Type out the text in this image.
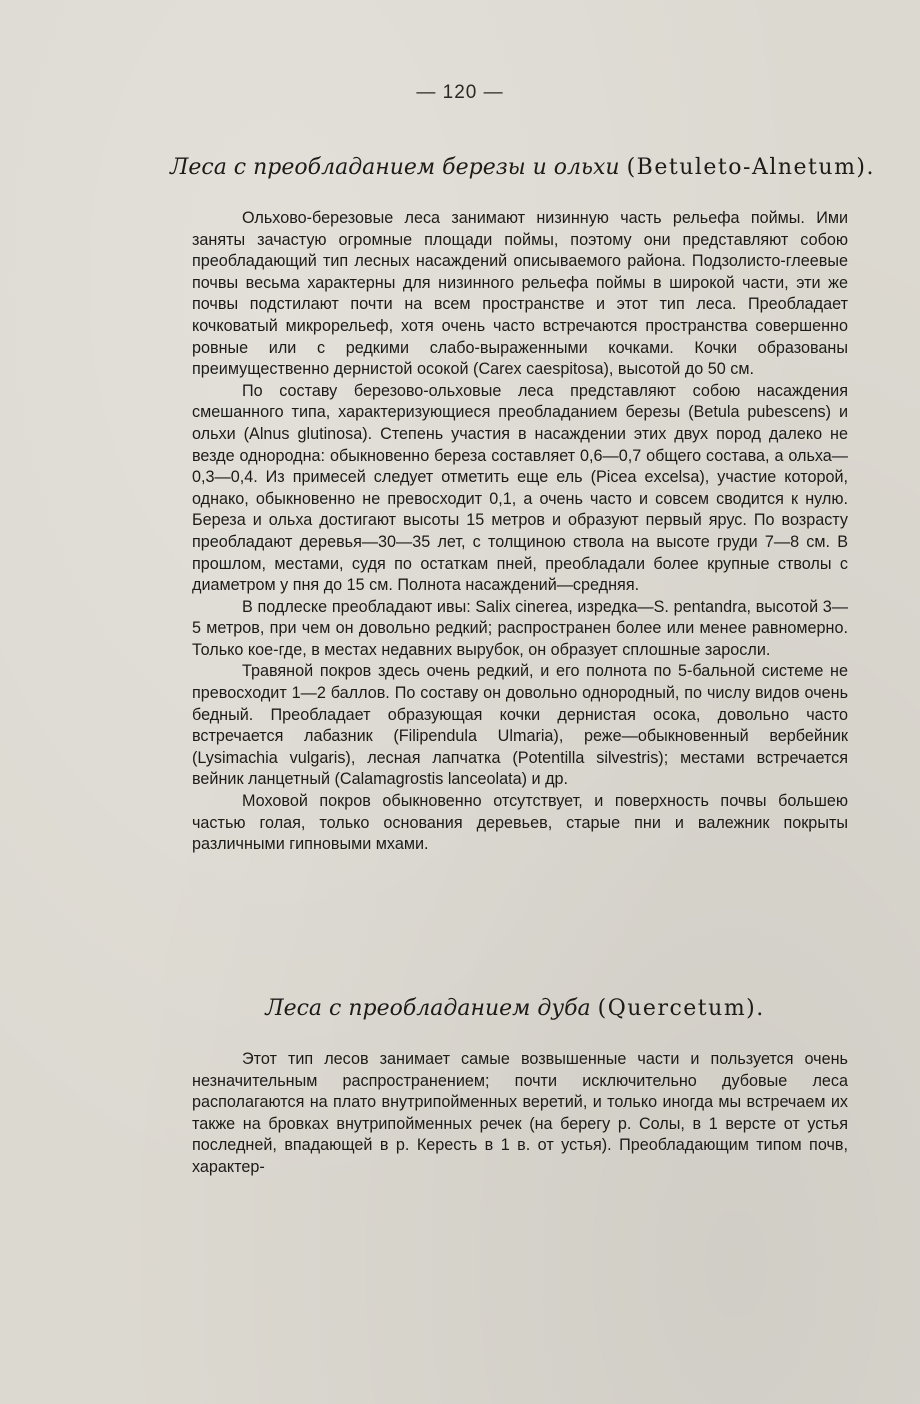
— 120 —
Леса с преобладанием березы и ольхи (Betuleto-Alnetum).

Ольхово-березовые леса занимают низинную часть рельефа поймы. Ими заняты зачастую огромные площади поймы, поэтому они представляют собою преобладающий тип лесных насаждений описываемого района. Подзолисто-глеевые почвы весьма характерны для низинного рельефа поймы в широкой части, эти же почвы подстилают почти на всем пространстве и этот тип леса. Преобладает кочковатый микрорельеф, хотя очень часто встречаются пространства совершенно ровные или с редкими слабо-выраженными кочками. Кочки образованы преимущественно дернистой осокой (Carex caespitosa), высотой до 50 см.

По составу березово-ольховые леса представляют собою насаждения смешанного типа, характеризующиеся преобладанием березы (Betula pubescens) и ольхи (Alnus glutinosa). Степень участия в насаждении этих двух пород далеко не везде однородна: обыкновенно береза составляет 0,6—0,7 общего состава, а ольха—0,3—0,4. Из примесей следует отметить еще ель (Picea excelsa), участие которой, однако, обыкновенно не превосходит 0,1, а очень часто и совсем сводится к нулю. Береза и ольха достигают высоты 15 метров и образуют первый ярус. По возрасту преобладают деревья—30—35 лет, с толщиною ствола на высоте груди 7—8 см. В прошлом, местами, судя по остаткам пней, преобладали более крупные стволы с диаметром у пня до 15 см. Полнота насаждений—средняя.

В подлеске преобладают ивы: Salix cinerea, изредка—S. pentandra, высотой 3—5 метров, при чем он довольно редкий; распространен более или менее равномерно. Только кое-где, в местах недавних вырубок, он образует сплошные заросли.

Травяной покров здесь очень редкий, и его полнота по 5-бальной системе не превосходит 1—2 баллов. По составу он довольно однородный, по числу видов очень бедный. Преобладает образующая кочки дернистая осока, довольно часто встречается лабазник (Filipendula Ulmaria), реже—обыкновенный вербейник (Lysimachia vulgaris), лесная лапчатка (Potentilla silvestris); местами встречается вейник ланцетный (Calamagrostis lanceolata) и др.

Моховой покров обыкновенно отсутствует, и поверхность почвы большею частью голая, только основания деревьев, старые пни и валежник покрыты различными гипновыми мхами.

Леса с преобладанием дуба (Quercetum).

Этот тип лесов занимает самые возвышенные части и пользуется очень незначительным распространением; почти исключительно дубовые леса располагаются на плато внутрипойменных веретий, и только иногда мы встречаем их также на бровках внутрипойменных речек (на берегу р. Солы, в 1 версте от устья последней, впадающей в р. Кересть в 1 в. от устья). Преобладающим типом почв, характер-
